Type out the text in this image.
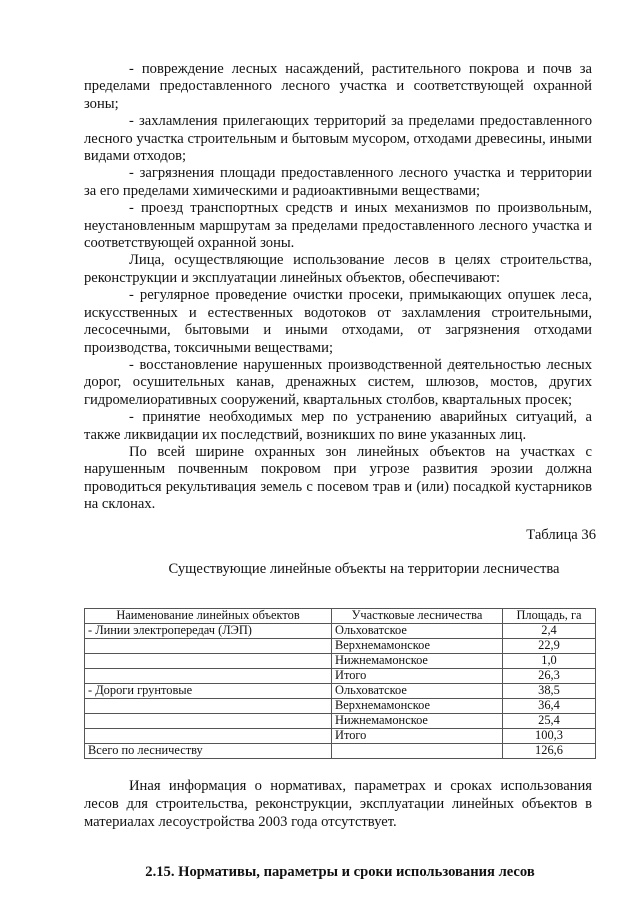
- повреждение лесных насаждений, растительного покрова и почв за пределами предоставленного лесного участка и соответствующей охранной зоны;

- захламления прилегающих территорий за пределами предоставленного лесного участка строительным и бытовым мусором, отходами древесины, иными видами отходов;

- загрязнения площади предоставленного лесного участка и территории за его пределами химическими и радиоактивными веществами;

- проезд транспортных средств и иных механизмов по произвольным, неустановленным маршрутам за пределами предоставленного лесного участка и соответствующей охранной зоны.

Лица, осуществляющие использование лесов в целях строительства, реконструкции и эксплуатации линейных объектов, обеспечивают:

- регулярное проведение очистки просеки, примыкающих опушек леса, искусственных и естественных водотоков от захламления строительными, лесосечными, бытовыми и иными отходами, от загрязнения отходами производства, токсичными веществами;

- восстановление нарушенных производственной деятельностью лесных дорог, осушительных канав, дренажных систем, шлюзов, мостов, других гидромелиоративных сооружений, квартальных столбов, квартальных просек;

- принятие необходимых мер по устранению аварийных ситуаций, а также ликвидации их последствий, возникших по вине указанных лиц.

По всей ширине охранных зон линейных объектов на участках с нарушенным почвенным покровом при угрозе развития эрозии должна проводиться рекультивация земель с посевом трав и (или) посадкой кустарников на склонах.

Таблица 36
Существующие линейные объекты на территории лесничества
Наименование линейных объектов	Участковые лесничества	Площадь, га
- Линии электропередач (ЛЭП)	Ольховатское	2,4
	Верхнемамонское	22,9
	Нижнемамонское	1,0
	Итого	26,3
- Дороги грунтовые	Ольховатское	38,5
	Верхнемамонское	36,4
	Нижнемамонское	25,4
	Итого	100,3
Всего по лесничеству		126,6

Иная информация о нормативах, параметрах и сроках использования лесов для строительства, реконструкции, эксплуатации линейных объектов в материалах лесоустройства 2003 года отсутствует.

2.15. Нормативы, параметры и сроки использования лесов
